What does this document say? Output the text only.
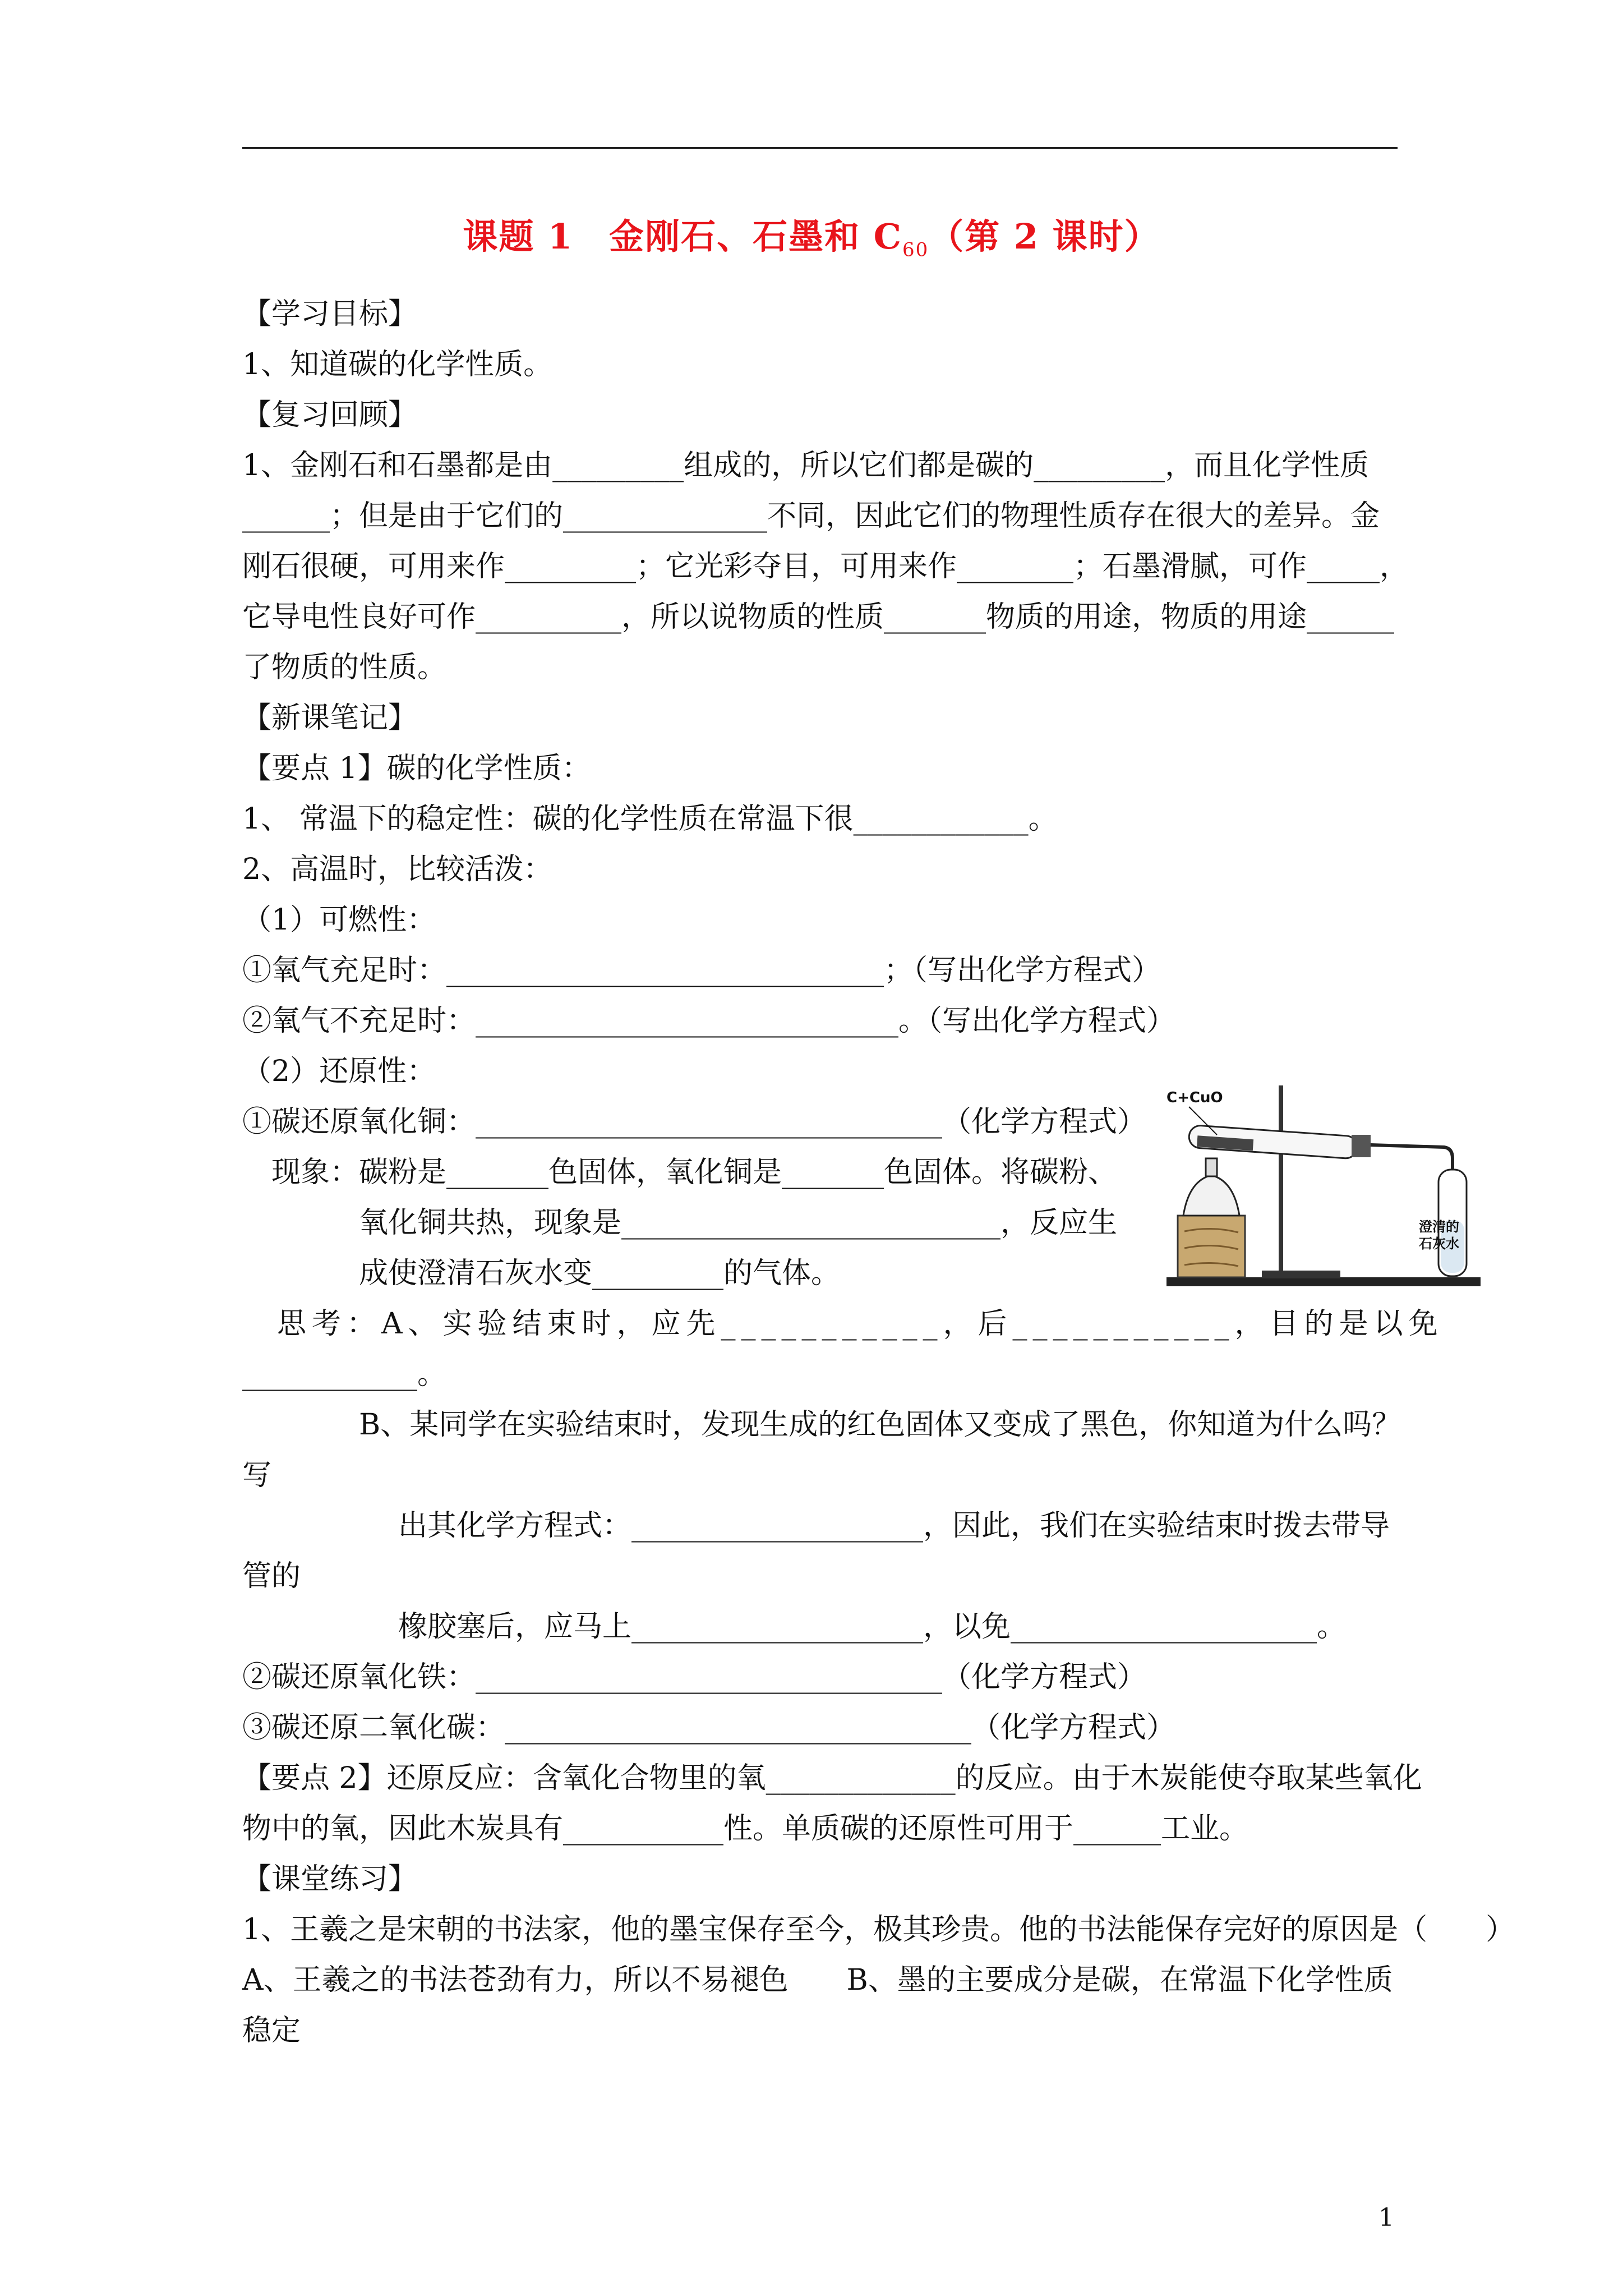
课题 1　金刚石、石墨和 $C_{60}$（第 2 课时）
【学习目标】
1、知道碳的化学性质。
【复习回顾】
1、金刚石和石墨都是由_________组成的，所以它们都是碳的_________，而且化学性质
______；但是由于它们的______________不同，因此它们的物理性质存在很大的差异。金
刚石很硬，可用来作_________；它光彩夺目，可用来作________；石墨滑腻，可作_____，
它导电性良好可作__________，所以说物质的性质_______物质的用途，物质的用途______
了物质的性质。
【新课笔记】
【要点 1】碳的化学性质：
1、 常温下的稳定性：碳的化学性质在常温下很____________。
2、高温时，比较活泼：
（1）可燃性：
①氧气充足时：______________________________；（写出化学方程式）
②氧气不充足时：_____________________________。（写出化学方程式）
（2）还原性：
①碳还原氧化铜：________________________________（化学方程式）
　现象：碳粉是_______色固体，氧化铜是_______色固体。将碳粉、
氧化铜共热，现象是__________________________，反应生
成使澄清石灰水变_________的气体。
　思考：A、实验结束时，应先___________，后___________，目的是以免
____________。
B、某同学在实验结束时，发现生成的红色固体又变成了黑色，你知道为什么吗？
写
出其化学方程式：____________________，因此，我们在实验结束时拨去带导
管的
橡胶塞后，应马上____________________，以免_____________________。
②碳还原氧化铁：________________________________（化学方程式）
③碳还原二氧化碳：________________________________（化学方程式）
【要点 2】还原反应：含氧化合物里的氧_____________的反应。由于木炭能使夺取某些氧化
物中的氧，因此木炭具有___________性。单质碳的还原性可用于______工业。
【课堂练习】
1、王羲之是宋朝的书法家，他的墨宝保存至今，极其珍贵。他的书法能保存完好的原因是（　　）
A、王羲之的书法苍劲有力，所以不易褪色　　B、墨的主要成分是碳，在常温下化学性质
稳定
C+CuO
澄清的
石灰水
1
